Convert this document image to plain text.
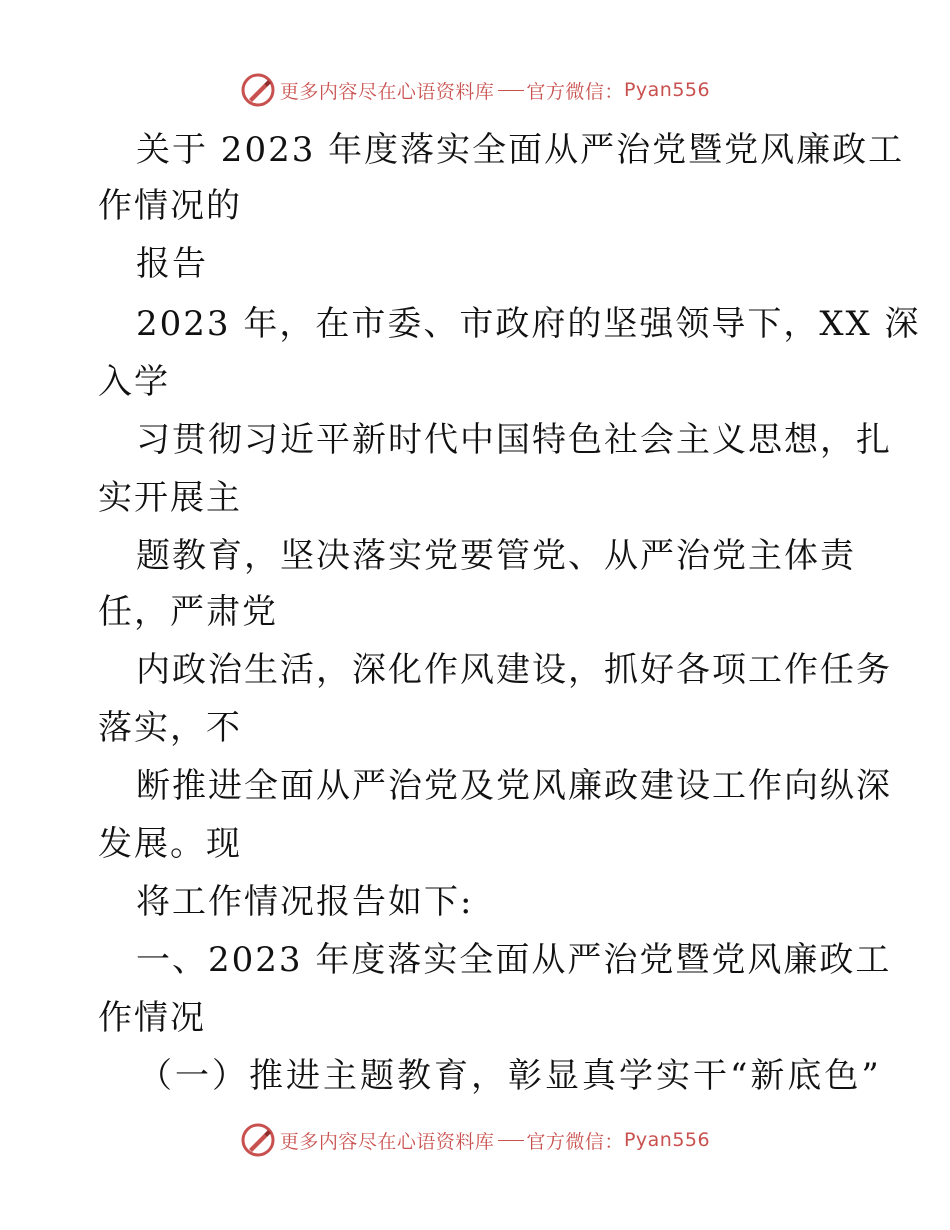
更多内容尽在心语资料库 官方微信： Pyan556
关于 2023 年度落实全面从严治党暨党风廉政工
作情况的
报告
2023 年，在市委、市政府的坚强领导下，XX 深
入学
习贯彻习近平新时代中国特色社会主义思想，扎
实开展主
题教育，坚决落实党要管党、从严治党主体责
任，严肃党
内政治生活，深化作风建设，抓好各项工作任务
落实，不
断推进全面从严治党及党风廉政建设工作向纵深
发展。现
将工作情况报告如下:
一、2023 年度落实全面从严治党暨党风廉政工
作情况
（一）推进主题教育，彰显真学实干“新底色”
更多内容尽在心语资料库 官方微信： Pyan556
